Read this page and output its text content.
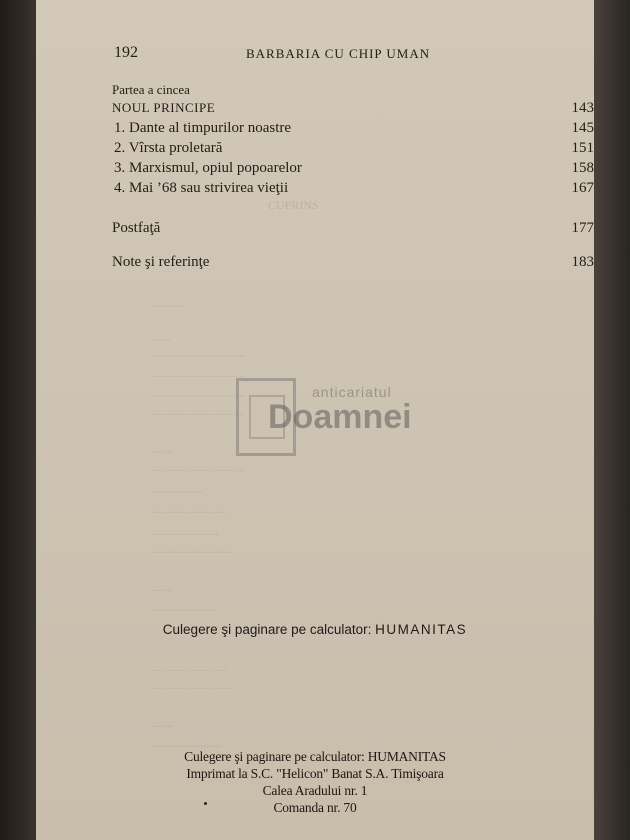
CUPRINS
............
......
...............................
...............................
...............................
...............................
.......
...............................
.................
.........................
......................
...........................
.......
.....................
.........................
...........................
.......
.......................
192	BARBARIA CU CHIP UMAN
Partea a cincea
NOUL PRINCIPE	143
1. Dante al timpurilor noastre	145
2. Vîrsta proletară	151
3. Marxismul, opiul popoarelor	158
4. Mai ’68 sau strivirea vieţii	167
Postfaţă	177
Note şi referinţe	183
anticariatul
Doamnei
Culegere şi paginare pe calculator: HUMANITAS
Culegere şi paginare pe calculator: HUMANITAS
Imprimat la S.C. "Helicon" Banat S.A. Timişoara
Calea Aradului nr. 1
Comanda nr. 70
